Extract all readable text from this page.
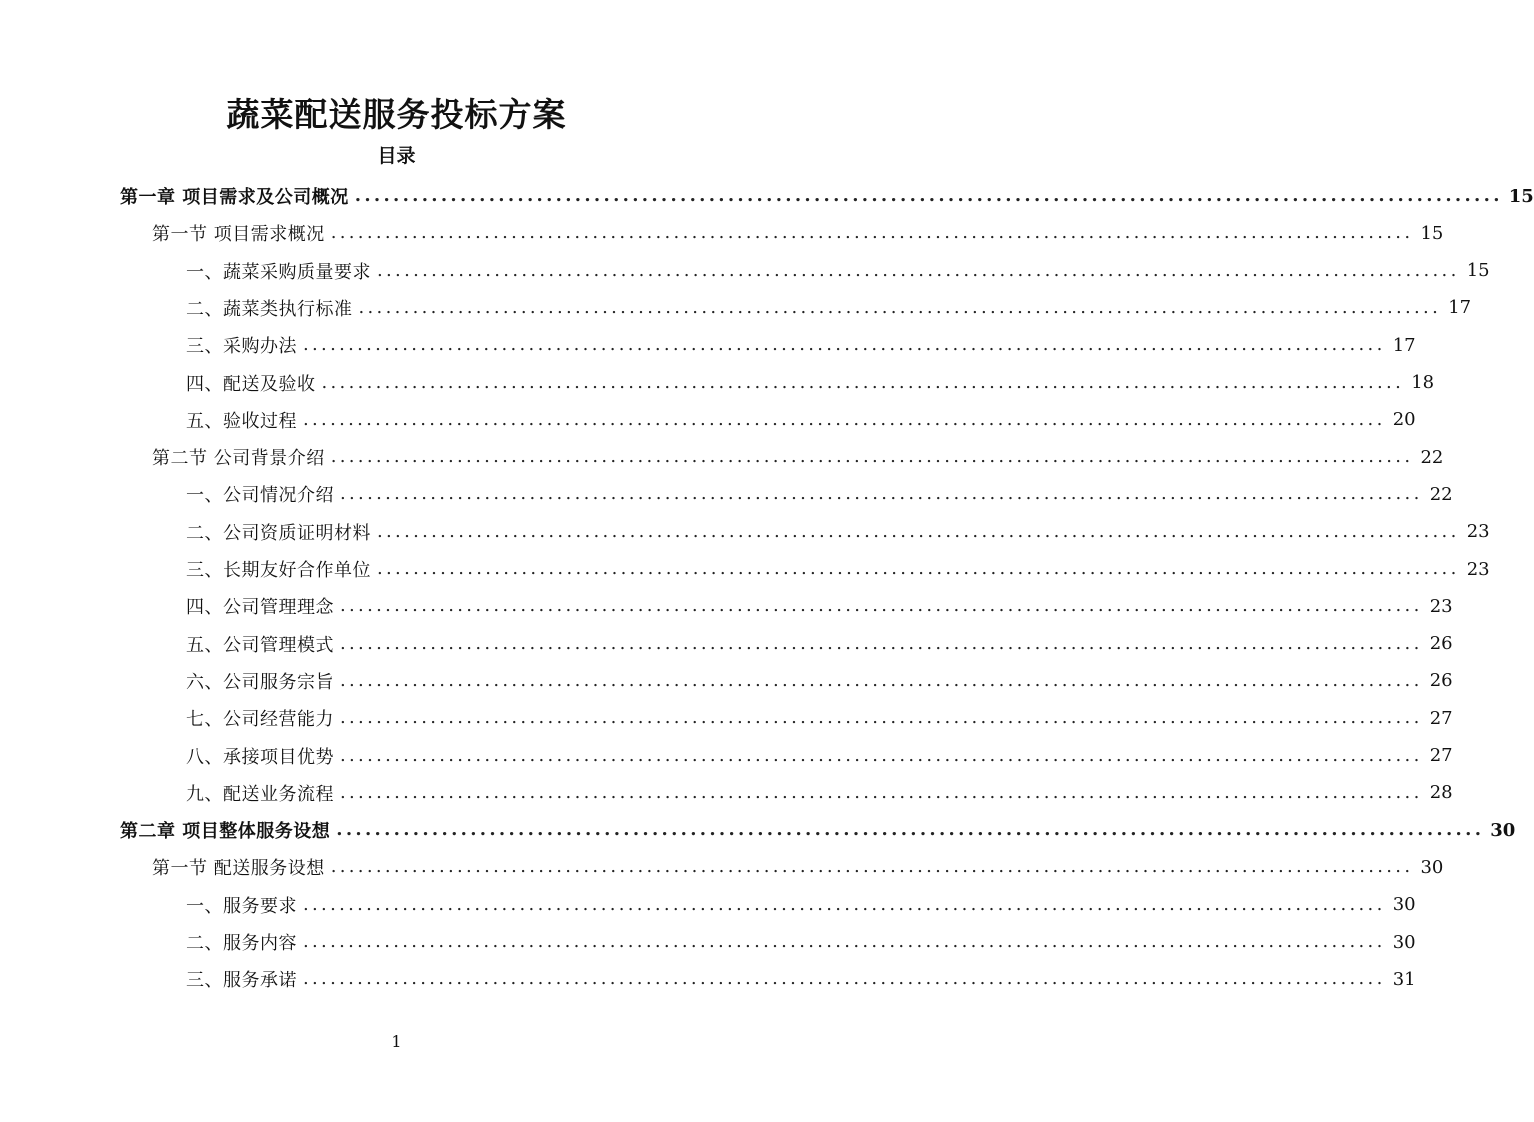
蔬菜配送服务投标方案
目录
第一章 项目需求及公司概况 ........................................................................................................................ 15
第一节 项目需求概况 ........................................................................................................................ 15
一、蔬菜采购质量要求 ........................................................................................................................ 15
二、蔬菜类执行标准 ........................................................................................................................ 17
三、采购办法 ........................................................................................................................ 17
四、配送及验收 ........................................................................................................................ 18
五、验收过程 ........................................................................................................................ 20
第二节 公司背景介绍 ........................................................................................................................ 22
一、公司情况介绍 ........................................................................................................................ 22
二、公司资质证明材料 ........................................................................................................................ 23
三、长期友好合作单位 ........................................................................................................................ 23
四、公司管理理念 ........................................................................................................................ 23
五、公司管理模式 ........................................................................................................................ 26
六、公司服务宗旨 ........................................................................................................................ 26
七、公司经营能力 ........................................................................................................................ 27
八、承接项目优势 ........................................................................................................................ 27
九、配送业务流程 ........................................................................................................................ 28
第二章 项目整体服务设想 ........................................................................................................................ 30
第一节 配送服务设想 ........................................................................................................................ 30
一、服务要求 ........................................................................................................................ 30
二、服务内容 ........................................................................................................................ 30
三、服务承诺 ........................................................................................................................ 31
1
